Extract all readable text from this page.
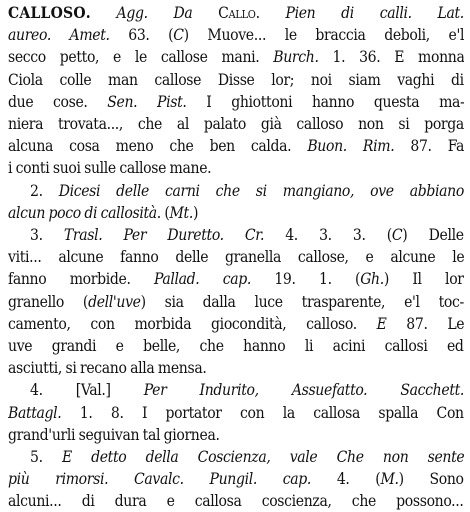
CALLOSO. Agg. Da Callo. Pien di calli. Lat.
aureo. Amet. 63. (C) Muove... le braccia deboli, e'l
secco petto, e le callose mani. Burch. 1. 36. E monna
Ciola colle man callose Disse lor; noi siam vaghi di
due cose. Sen. Pist. I ghiottoni hanno questa ma-
niera trovata..., che al palato già calloso non si porga
alcuna cosa meno che ben calda. Buon. Rim. 87. Fa
i conti suoi sulle callose mane.
2. Dicesi delle carni che si mangiano, ove abbiano
alcun poco di callosità. (Mt.)
3. Trasl. Per Duretto. Cr. 4. 3. 3. (C) Delle
viti... alcune fanno delle granella callose, e alcune le
fanno morbide. Pallad. cap. 19. 1. (Gh.) Il lor
granello (dell'uve) sia dalla luce trasparente, e'l toc-
camento, con morbida giocondità, calloso. E 87. Le
uve grandi e belle, che hanno li acini callosi ed
asciutti, si recano alla mensa.
4. [Val.] Per Indurito, Assuefatto. Sacchett.
Battagl. 1. 8. I portator con la callosa spalla Con
grand'urli seguivan tal giornea.
5. E detto della Coscienza, vale Che non sente
più rimorsi. Cavalc. Pungil. cap. 4. (M.) Sono
alcuni... di dura e callosa coscienza, che possono...
